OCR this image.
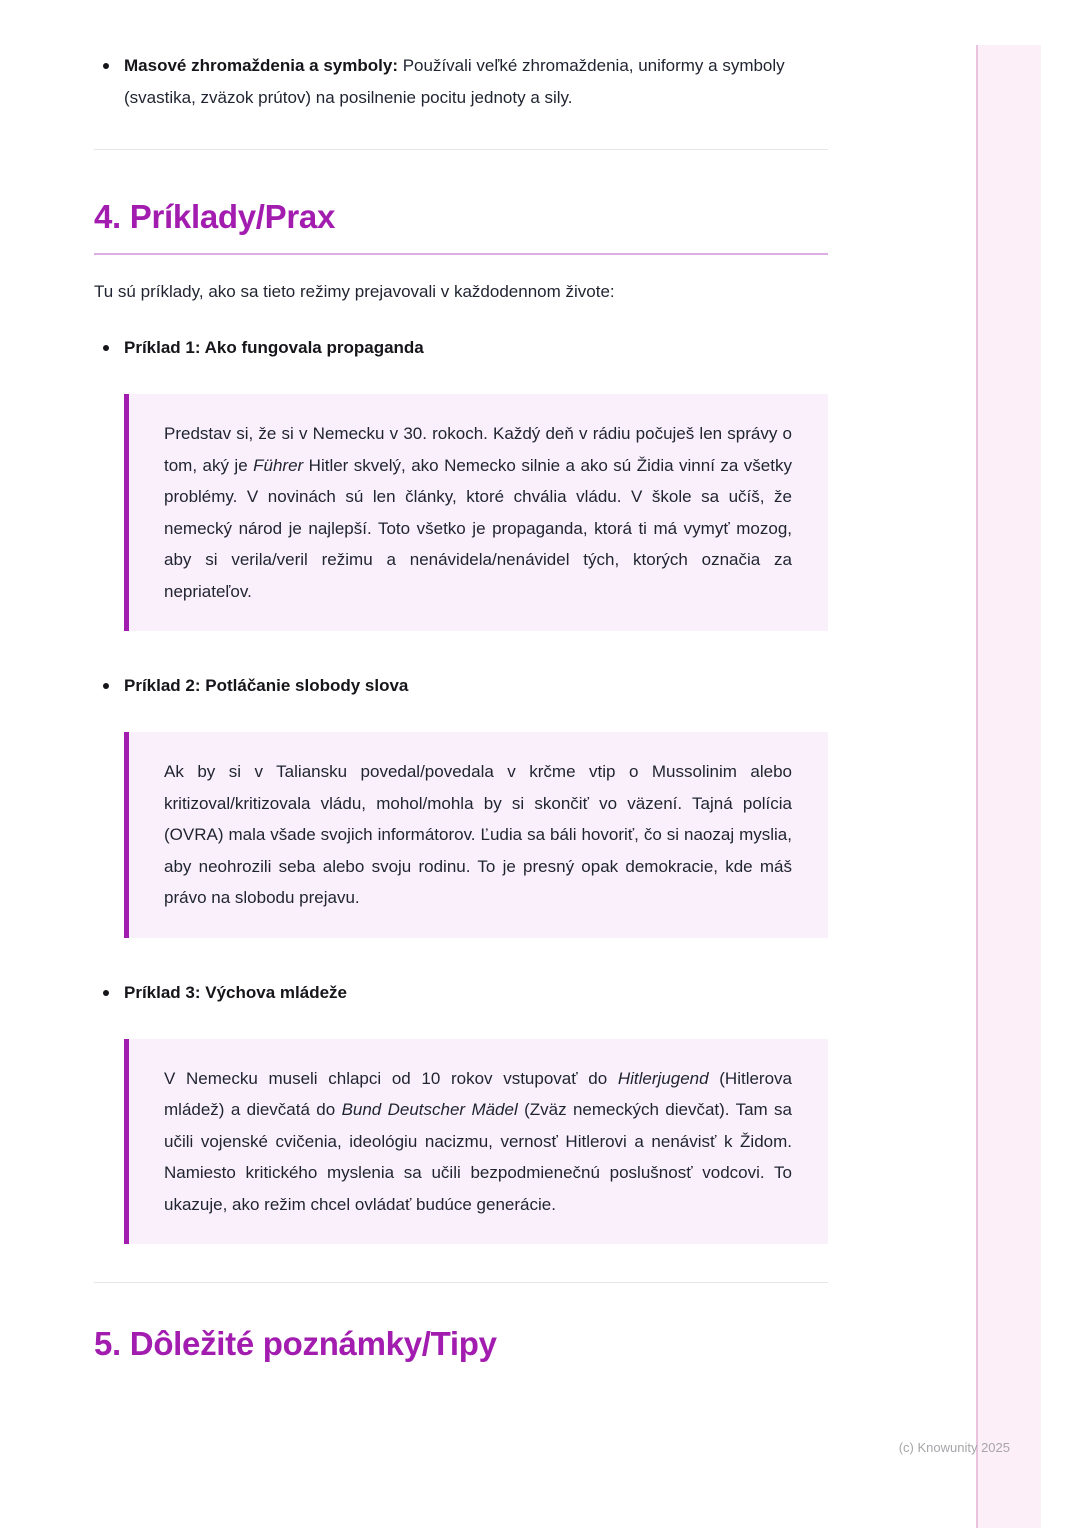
Masové zhromaždenia a symboly: Používali veľké zhromaždenia, uniformy a symboly (svastika, zväzok prútov) na posilnenie pocitu jednoty a sily.
4. Príklady/Prax

Tu sú príklady, ako sa tieto režimy prejavovali v každodennom živote:

Príklad 1: Ako fungovala propaganda

Predstav si, že si v Nemecku v 30. rokoch. Každý deň v rádiu počuješ len správy o tom, aký je Führer Hitler skvelý, ako Nemecko silnie a ako sú Židia vinní za všetky problémy. V novinách sú len články, ktoré chvália vládu. V škole sa učíš, že nemecký národ je najlepší. Toto všetko je propaganda, ktorá ti má vymyť mozog, aby si verila/veril režimu a nenávidela/nenávidel tých, ktorých označia za nepriateľov.

Príklad 2: Potláčanie slobody slova

Ak by si v Taliansku povedal/povedala v krčme vtip o Mussolinim alebo kritizoval/kritizovala vládu, mohol/mohla by si skončiť vo väzení. Tajná polícia (OVRA) mala všade svojich informátorov. Ľudia sa báli hovoriť, čo si naozaj myslia, aby neohrozili seba alebo svoju rodinu. To je presný opak demokracie, kde máš právo na slobodu prejavu.

Príklad 3: Výchova mládeže

V Nemecku museli chlapci od 10 rokov vstupovať do Hitlerjugend (Hitlerova mládež) a dievčatá do Bund Deutscher Mädel (Zväz nemeckých dievčat). Tam sa učili vojenské cvičenia, ideológiu nacizmu, vernosť Hitlerovi a nenávisť k Židom. Namiesto kritického myslenia sa učili bezpodmienečnú poslušnosť vodcovi. To ukazuje, ako režim chcel ovládať budúce generácie.

5. Dôležité poznámky/Tipy
(c) Knowunity 2025
